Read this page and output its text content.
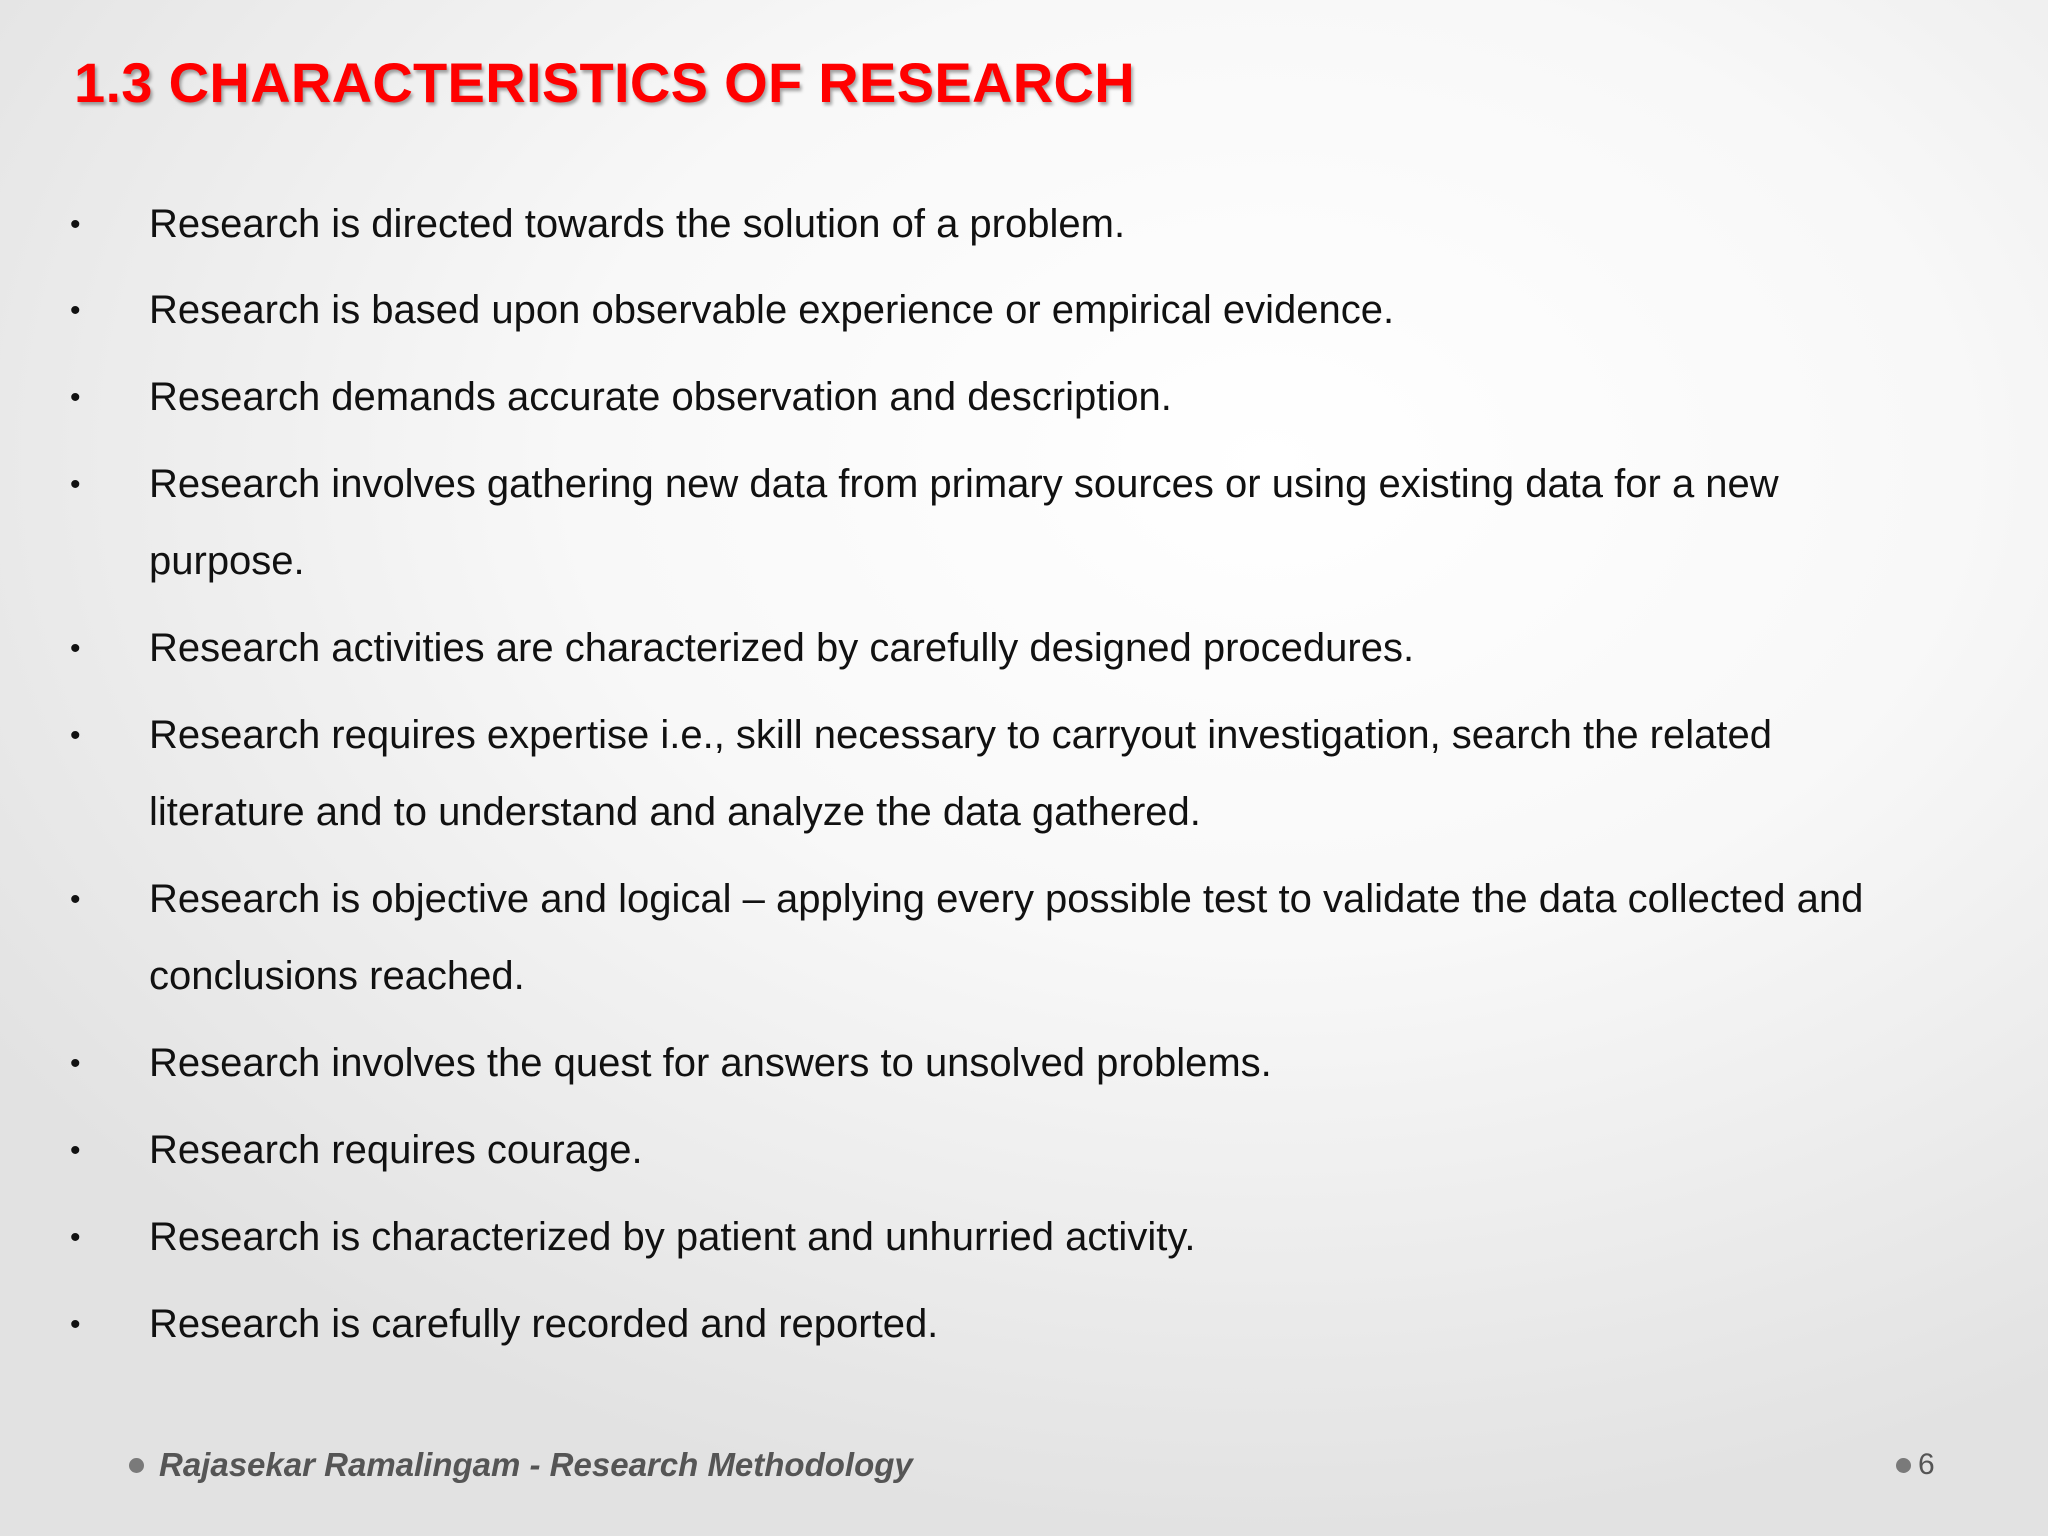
1.3 CHARACTERISTICS OF RESEARCH
• Research is directed towards the solution of a problem.
• Research is based upon observable experience or empirical evidence.
• Research demands accurate observation and description.
• Research involves gathering new data from primary sources or using existing data for a new purpose.
• Research activities are characterized by carefully designed procedures.
• Research requires expertise i.e., skill necessary to carryout investigation, search the related literature and to understand and analyze the data gathered.
• Research is objective and logical – applying every possible test to validate the data collected and conclusions reached.
• Research involves the quest for answers to unsolved problems.
• Research requires courage.
• Research is characterized by patient and unhurried activity.
• Research is carefully recorded and reported.
Rajasekar Ramalingam - Research Methodology	6
